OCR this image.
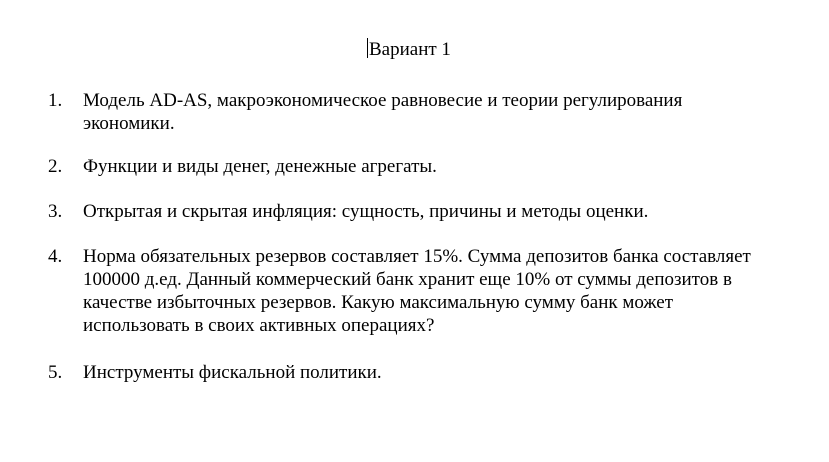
Вариант 1
1.	Модель AD-AS, макроэкономическое равновесие и теории регулирования
экономики.
2.	Функции и виды денег, денежные агрегаты.
3.	Открытая и скрытая инфляция: сущность, причины и методы оценки.
4.	Норма обязательных резервов составляет 15%. Сумма депозитов банка составляет
100000 д.ед. Данный коммерческий банк хранит еще 10% от суммы депозитов в
качестве избыточных резервов. Какую максимальную сумму банк может
использовать в своих активных операциях?
5.	Инструменты фискальной политики.
